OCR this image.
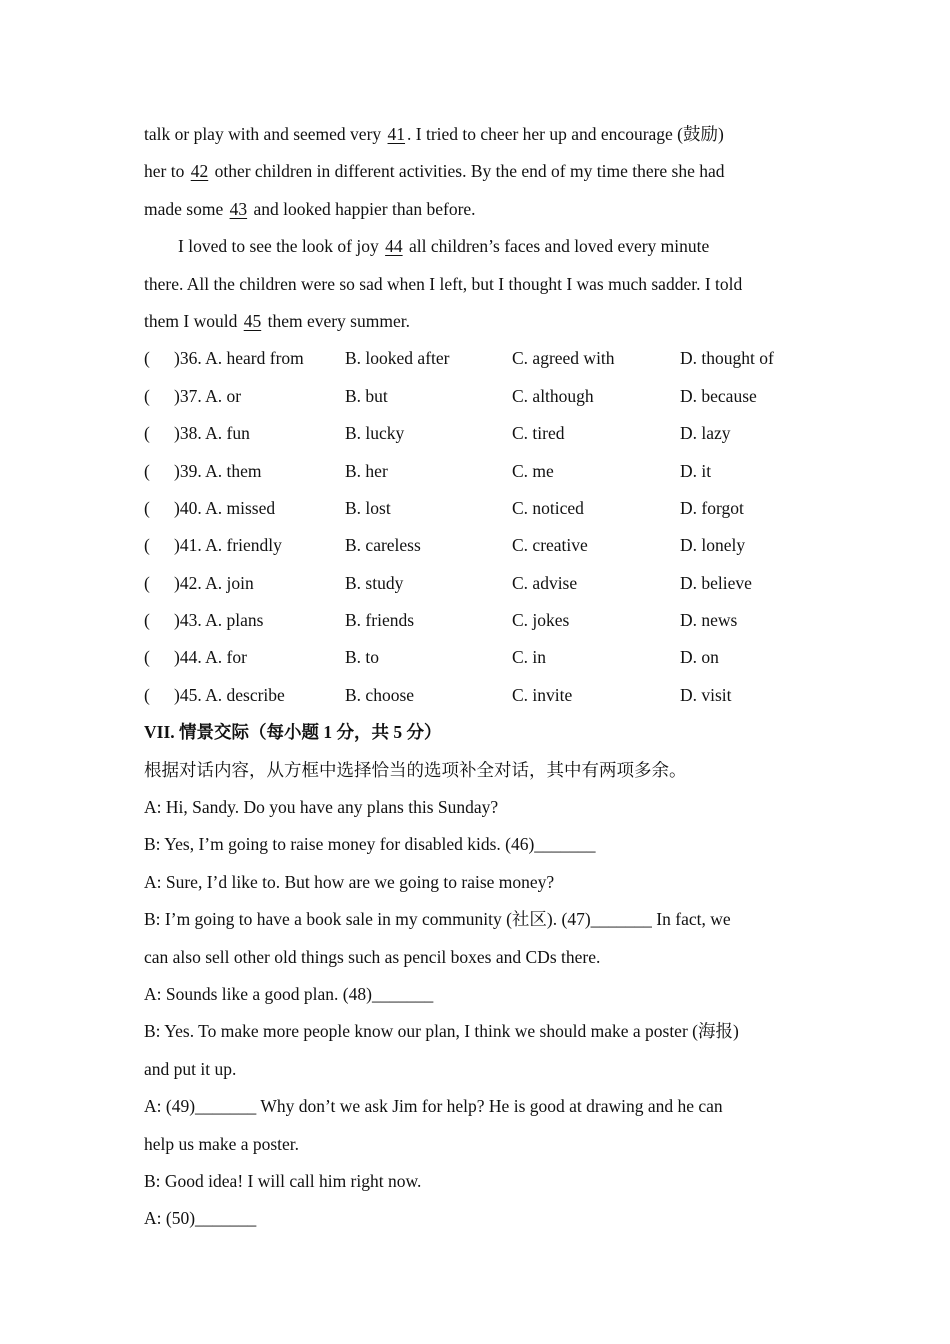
talk or play with and seemed very 41 . I tried to cheer her up and encourage (鼓励)
her to 42 other children in different activities. By the end of my time there she had
made some 43 and looked happier than before.
I loved to see the look of joy 44 all children’s faces and loved every minute
there. All the children were so sad when I left, but I thought I was much sadder. I told
them I would 45 them every summer.
( )36. A. heard from B. looked after	C. agreed with	D. thought of
( )37. A. or	B. but	C. although	D. because
( )38. A. fun	B. lucky	C. tired	D. lazy
( )39. A. them	B. her	C. me	D. it
( )40. A. missed	B. lost	C. noticed	D. forgot
( )41. A. friendly	B. careless	C. creative	D. lonely
( )42. A. join	B. study	C. advise	D. believe
( )43. A. plans	B. friends	C. jokes	D. news
( )44. A. for	B. to	C. in	D. on
( )45. A. describe	B. choose	C. invite	D. visit
VII. 情景交际（每小题 1 分，共 5 分）
根据对话内容，从方框中选择恰当的选项补全对话，其中有两项多余。
A: Hi, Sandy. Do you have any plans this Sunday?
B: Yes, I’m going to raise money for disabled kids. (46)_______
A: Sure, I’d like to. But how are we going to raise money?
B: I’m going to have a book sale in my community (社区). (47)_______ In fact, we
can also sell other old things such as pencil boxes and CDs there.
A: Sounds like a good plan. (48)_______
B: Yes. To make more people know our plan, I think we should make a poster (海报)
and put it up.
A: (49)_______ Why don’t we ask Jim for help? He is good at drawing and he can
help us make a poster.
B: Good idea! I will call him right now.
A: (50)_______
